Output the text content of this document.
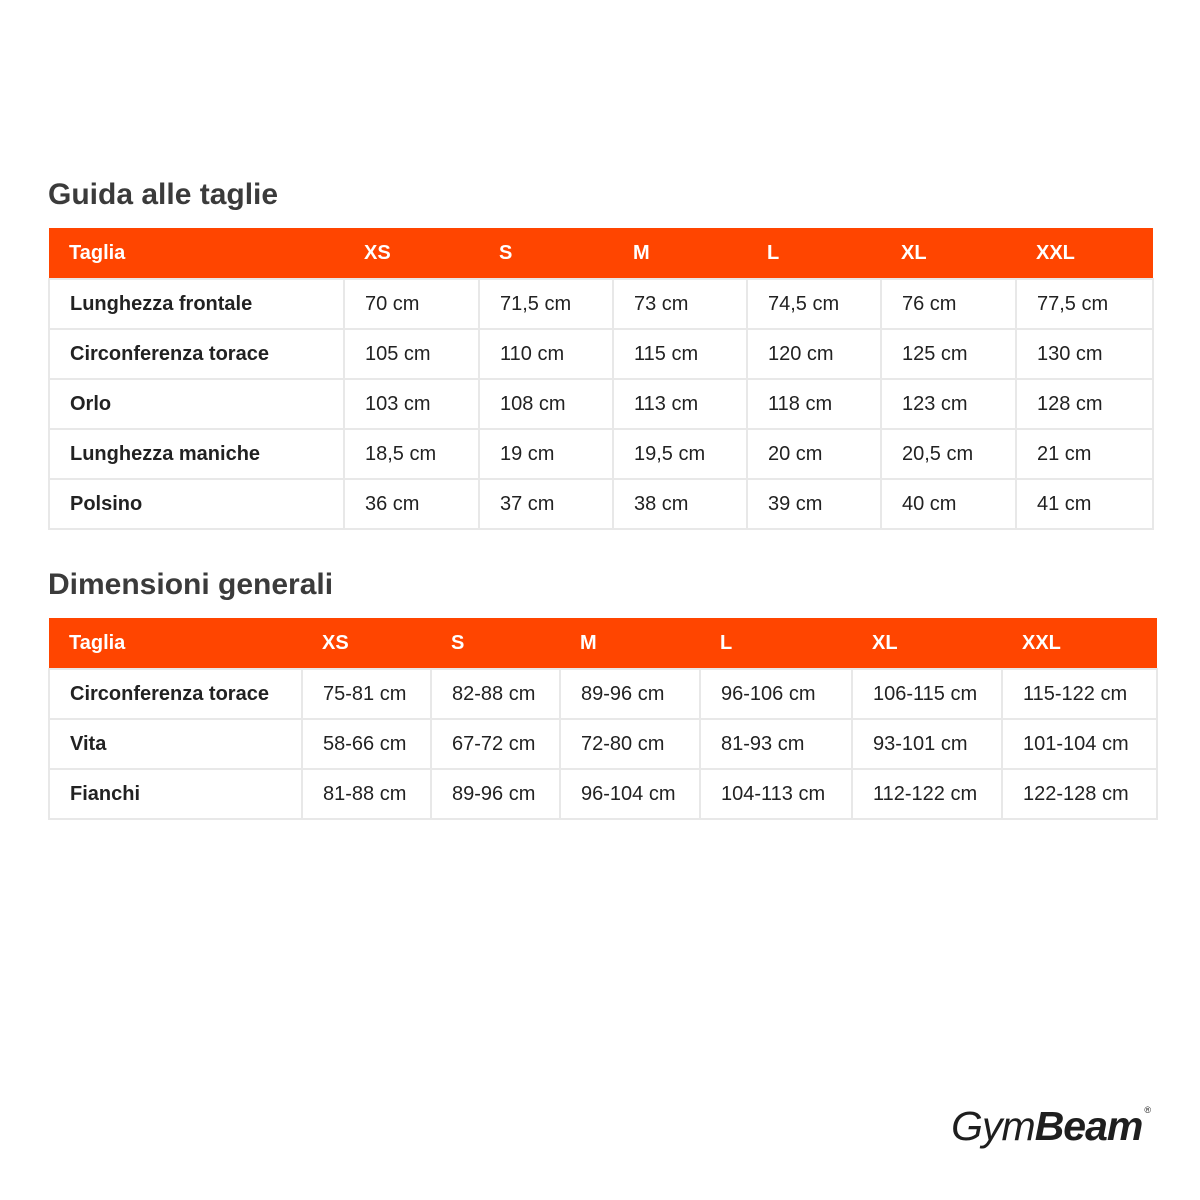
Guida alle taglie
Taglia	XS	S	M	L	XL	XXL
Lunghezza frontale	70 cm	71,5 cm	73 cm	74,5 cm	76 cm	77,5 cm
Circonferenza torace	105 cm	110 cm	115 cm	120 cm	125 cm	130 cm
Orlo	103 cm	108 cm	113 cm	118 cm	123 cm	128 cm
Lunghezza maniche	18,5 cm	19 cm	19,5 cm	20 cm	20,5 cm	21 cm
Polsino	36 cm	37 cm	38 cm	39 cm	40 cm	41 cm
Dimensioni generali
Taglia	XS	S	M	L	XL	XXL
Circonferenza torace	75-81 cm	82-88 cm	89-96 cm	96-106 cm	106-115 cm	115-122 cm
Vita	58-66 cm	67-72 cm	72-80 cm	81-93 cm	93-101 cm	101-104 cm
Fianchi	81-88 cm	89-96 cm	96-104 cm	104-113 cm	112-122 cm	122-128 cm
GymBeam ®
